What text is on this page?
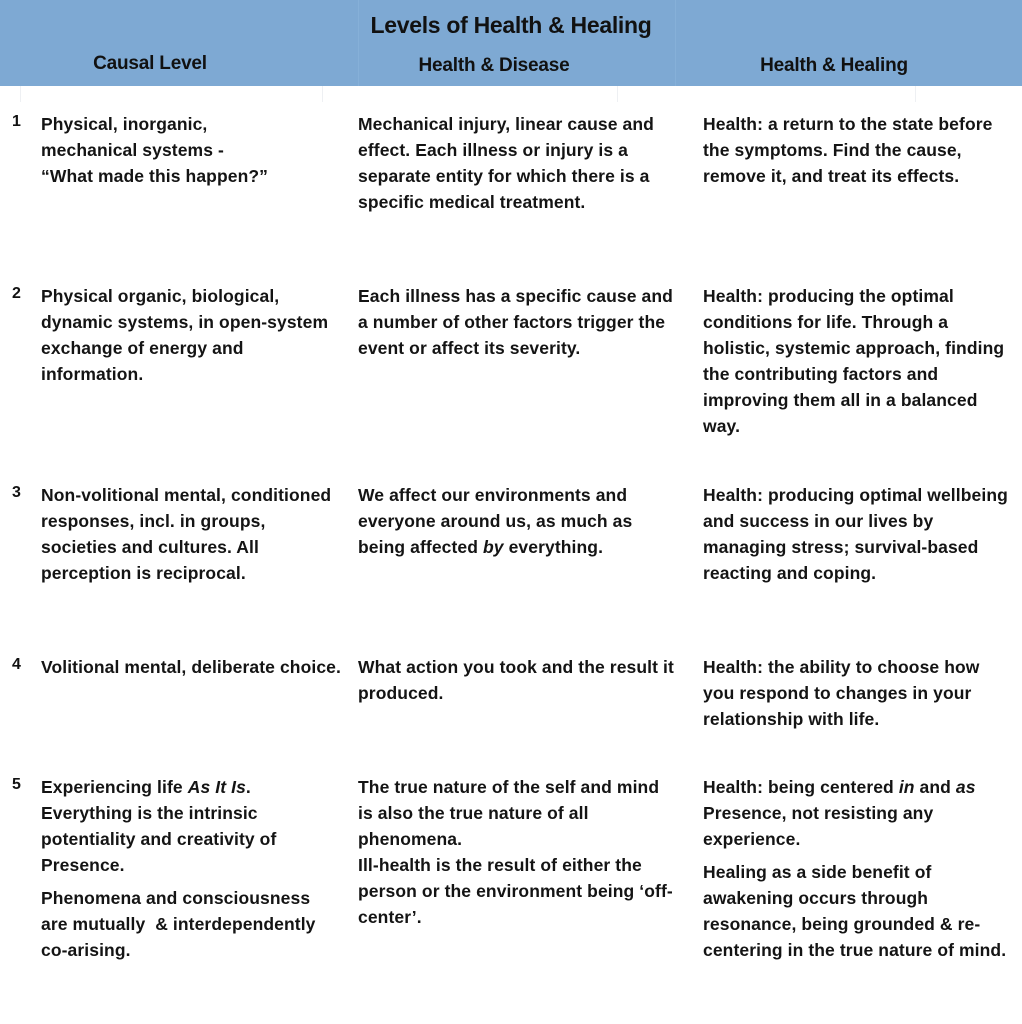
Levels of Health & Healing
Causal Level	Health & Disease	Health & Healing
1 Physical, inorganic,

mechanical systems -

“What made this happen?”

Mechanical injury, linear cause and effect. Each illness or injury is a separate entity for which there is a specific medical treatment.

Health: a return to the state before the symptoms. Find the cause, remove it, and treat its effects.

2 Physical organic, biological, dynamic systems, in open-system exchange of energy and information.

Each illness has a specific cause and a number of other factors trigger the event or affect its severity.

Health: producing the optimal conditions for life. Through a holistic, systemic approach, finding the contributing factors and improving them all in a balanced way.

3 Non-volitional mental, conditioned responses, incl. in groups, societies and cultures. All perception is reciprocal.

We affect our environments and everyone around us, as much as being affected by everything.

Health: producing optimal wellbeing and success in our lives by managing stress; survival-based reacting and coping.

4 Volitional mental, deliberate choice. What action you took and the result it produced.

Health: the ability to choose how you respond to changes in your relationship with life.

5 Experiencing life As It Is. Everything is the intrinsic potentiality and creativity of Presence.

Phenomena and consciousness are mutually  & interdependently co-arising.

The true nature of the self and mind is also the true nature of all phenomena.

Ill-health is the result of either the person or the environment being ‘off-center’.

Health: being centered in and as Presence, not resisting any experience.

Healing as a side benefit of awakening occurs through resonance, being grounded & re-centering in the true nature of mind.
